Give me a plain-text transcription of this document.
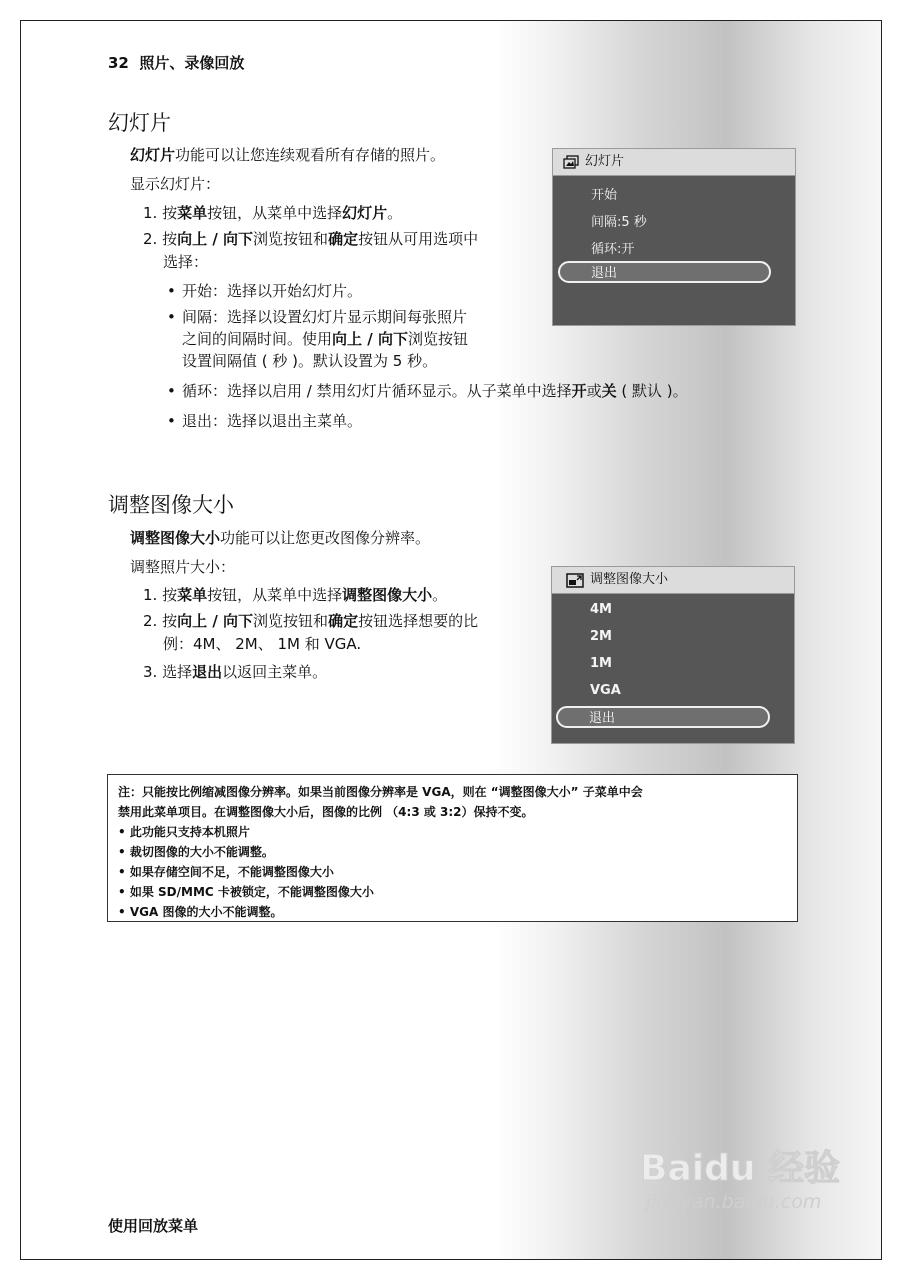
32 照片、录像回放
幻灯片
幻灯片功能可以让您连续观看所有存储的照片。
显示幻灯片：
1. 按菜单按钮，从菜单中选择幻灯片。
2. 按向上 / 向下浏览按钮和确定按钮从可用选项中
选择：
• 开始：选择以开始幻灯片。
• 间隔：选择以设置幻灯片显示期间每张照片
之间的间隔时间。使用向上 / 向下浏览按钮
设置间隔值 ( 秒 )。默认设置为 5 秒。
• 循环：选择以启用 / 禁用幻灯片循环显示。从子菜单中选择开或关 ( 默认 )。
• 退出：选择以退出主菜单。
幻灯片
开始
间隔:5 秒
循环:开
退出
调整图像大小
调整图像大小功能可以让您更改图像分辨率。
调整照片大小：
1. 按菜单按钮，从菜单中选择调整图像大小。
2. 按向上 / 向下浏览按钮和确定按钮选择想要的比
例：4M、 2M、 1M 和 VGA.
3. 选择退出以返回主菜单。
调整图像大小
4M
2M
1M
VGA
退出
注：只能按比例缩减图像分辨率。如果当前图像分辨率是 VGA，则在 “调整图像大小” 子菜单中会
禁用此菜单项目。在调整图像大小后，图像的比例 （4:3 或 3:2）保持不变。
• 此功能只支持本机照片
• 裁切图像的大小不能调整。
• 如果存储空间不足，不能调整图像大小
• 如果 SD/MMC 卡被锁定，不能调整图像大小
• VGA 图像的大小不能调整。
Baidu 经验
jingyan.baidu.com
使用回放菜单
